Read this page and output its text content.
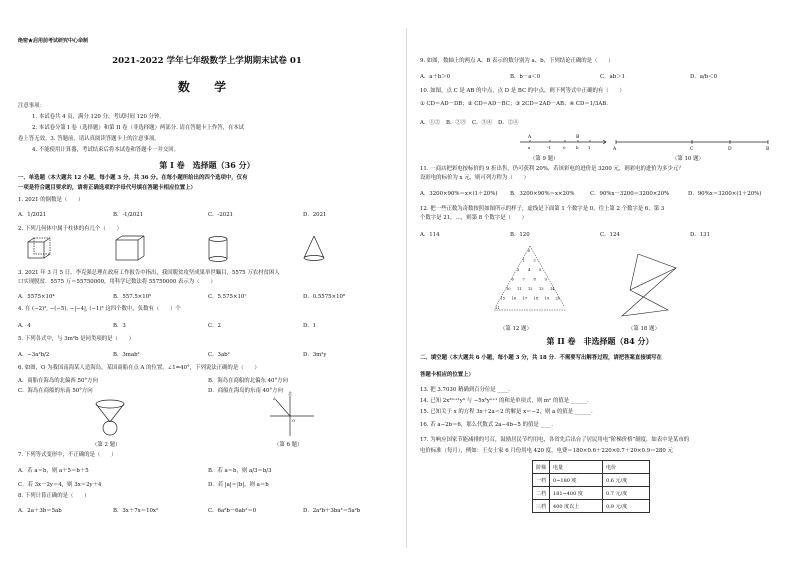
绝密★启用前考试研究中心命制
2021-2022 学年七年级数学上学期期末试卷 01
数 学
注意事项：
1. 本试卷共 4 页，满分 120 分，考试时间 120 分钟。
2. 本试卷分第 I 卷（选择题）和第 II 卷（非选择题）两部分. 请在答题卡上作答，在本试
卷上答无效。3. 答题前，请认真阅读答题卡上的注意事项。
4. 不能使用计算器，考试结束后将本试卷和答题卡一并交回。
第 I 卷　选择题（36 分）
一、单选题（本大题共 12 小题，每小题 3 分，共 36 分。在每小题所给出的四个选项中，仅有
一项是符合题目要求的，请将正确选项的字母代号填在答题卡相应位置上）
1. 2021 的倒数是（　　）
A．1/2021	B．-1/2021	C．-2021	D．2021
2. 下列几何体中属于柱体的有几个（　　）
3. 2021 年 3 月 5 日，李克强总理在政府工作报告中指出，我国脱贫攻坚成果举世瞩目，5575 万农村贫困人
口实现脱贫．5575 万＝55750000，用科学记数法将 55750000 表示为（　　）
A．5575×10⁴	B．557.5×10⁵	C．5.575×10⁷	D．0.5575×10⁸
4. 在 (−2)², −(−5), −|−4|, (−1)³ 这四个数中，负数有（　　）个
A．4	B．3	C．2	D．1
5. 下列各式中，与 3m²b 是同类项的是（　　）
A．−3a²b/2	B．3mab²	C．3ab²	D．3m²y
6. 如图，O 为我国南海某人造海岛，某国商船在点 A 的位置，∠1=40°，下列说法正确的是（　　）
A．商船在海岛的北偏西 50°方向	B．海岛在商船的北偏东 40°方向
C．海岛在商船的东南 50°方向	D．商船在海岛的东南 40°方向
（第 2 题）
北
O
A
（第 6 题）
7. 下列等式变形中，不正确的是（　　）
A．若 a＝b，则 a＋5＝b＋5	B．若 a＝b，则 a/3＝b/3
C．若 3x－2y＝4，则 3x＝2y＋4	D．若 |a|＝|b|，则 a＝b
8. 下列计算正确的是（　　）
A．2a＋3b＝5ab	B．3x＋7x＝10x²	C．6a²b－6ab²＝0	D．2a²b＋3ba²＝5a²b
9. 如图，数轴上的两点 A、B 表示的数分别为 a、b，下列结论正确的是（　　）
A．a＋b＞0	B．b－a＜0	C．ab＞1	D．a/b＜0
10. 如图，点 C 是 AB 的中点，点 D 是 BC 的中点，则下列等式中正确的有（　　）
① CD＝AD－DB；② CD＝AD－BC；③ 2CD＝2AD－AB；④ CD＝1/3AB．
A．①② B．②③ C．③④ D．②④
A	B
a	-1	0	b 1
（第 9 题）
A	C	D	B
（第 10 题）
11. 一商店把彩电按标价的 9 折出售，仍可获利 20%，若该彩电的进价是 3200 元，则彩电的进价为多少元？
设彩电的标价为 x 元，则可列方程为（　　）
A．3200×90%＝x×(1＋20%) B．3200×90%＝x×20%	C．90%x－3200＝3200×20%	D．90%x＝3200×(1＋20%)
12. 把一些正数为奇数按照如图所示的样子，虚线是下面第 1 个数字是 0，往上第 2 个数字是 6，第 3
个数字是 21，…，则第 8 个数字是（　　）
A．114	B．120	C．124	D．131
0
1 2
3 4 5
6 7 8 9
10 11 12 13 14
15 16 17 18 19 20
21
（第 12 题）	（第 18 题）
第 II 卷　非选择题（84 分）
二、填空题（本大题共 6 小题，每小题 3 分，共 18 分．不需要写出解答过程，请把答案直接填写在
答题卡相应的位置上）
13. 把 3.7030 精确到百分位是 ____．
14. 已知 2x²ᵐ⁺¹y³ 与 −5x⁵yⁿ⁺¹ 的和是单项式，则 mⁿ 的值是 ______．
15. 已知关于 x 的方程 3x＋2a＝2 的解是 x＝−2，则 a 的值是 ______．
16. 若 a−2b＝6，那么代数式 2a−4b−5 的值是 ____．
17. 为响应国家节能减排的号召，鼓励居民节约用电，各省先后出台了居民用电“阶梯价格”制度，如表中是某市的
电价标准（每月），例如：王女士家 6 月份用电 420 度，电费＝180×0.6＋220×0.7＋20×0.9＝280 元
阶梯	电量	电价
一档	0~180 度	0.6 元/度
二档	181~400 度	0.7 元/度
三档	400 度以上	0.9 元/度
